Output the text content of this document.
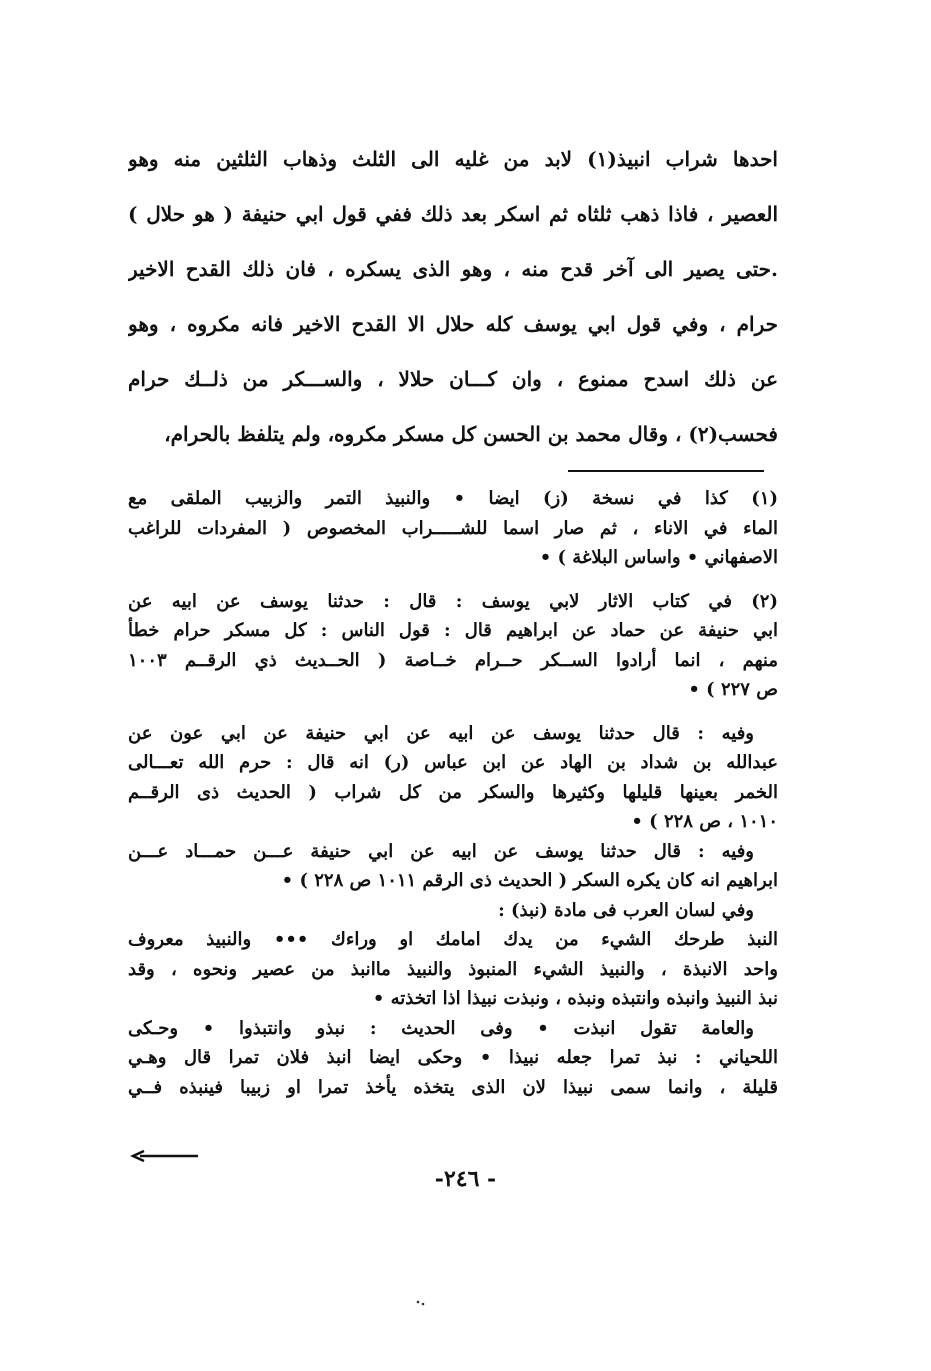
احدها شراب انبيذ(١) لابد من غليه الى الثلث وذهاب الثلثين منه وهو
العصير ، فاذا ذهب ثلثاه ثم اسكر بعد ذلك ففي قول ابي حنيفة ( هو حلال )
.حتى يصير الى آخر قدح منه ، وهو الذى يسكره ، فان ذلك القدح الاخير
حرام ، وفي قول ابي يوسف كله حلال الا القدح الاخير فانه مكروه ، وهو
عن ذلك اسدح ممنوع ، وان كـــان حلالا ، والســـكر من ذلــك حرام
فحسب(٢) ، وقال محمد بن الحسن كل مسكر مكروه، ولم يتلفظ بالحرام،
(١) كذا في نسخة (ز) ايضا • والنبيذ التمر والزبيب الملقى مع
الماء في الاناء ، ثم صار اسما للشـــــراب المخصوص ( المفردات للراغب
الاصفهاني • واساس البلاغة ) •
(٢) في كتاب الاثار لابي يوسف : قال : حدثنا يوسف عن ابيه عن
ابي حنيفة عن حماد عن ابراهيم قال : قول الناس : كل مسكر حرام خطأ
منهم ، انما أرادوا الســكر حــرام خــاصة ( الحــديث ذي الرقــم ١٠٠٣
ص ٢٢٧ ) •
وفيه : قال حدثنا يوسف عن ابيه عن ابي حنيفة عن ابي عون عن
عبدالله بن شداد بن الهاد عن ابن عباس (ر) انه قال : حرم الله تعـــالى
الخمر بعينها قليلها وكثيرها والسكر من كل شراب ( الحديث ذى الرقــم
١٠١٠ ، ص ٢٢٨ ) •
وفيه : قال حدثنا يوسف عن ابيه عن ابي حنيفة عـــن حمـــاد عـــن
ابراهيم انه كان يكره السكر ( الحديث ذى الرقم ١٠١١ ص ٢٢٨ ) •
وفي لسان العرب فى مادة (نبذ) :
النبذ طرحك الشيء من يدك امامك او وراءك ••• والنبيذ معروف
واحد الانبذة ، والنبيذ الشيء المنبوذ والنبيذ ماانبذ من عصير ونحوه ، وقد
نبذ النبيذ وانبذه وانتبذه ونبذه ، ونبذت نبيذا اذا اتخذته •
والعامة تقول انبذت • وفى الحديث : نبذو وانتبذوا • وحـكى
اللحياني : نبذ تمرا جعله نبيذا • وحكى ايضا انبذ فلان تمرا قال وهـي
قليلة ، وانما سمى نبيذا لان الذى يتخذه يأخذ تمرا او زبيبا فينبذه فــي
- ٢٤٦-
